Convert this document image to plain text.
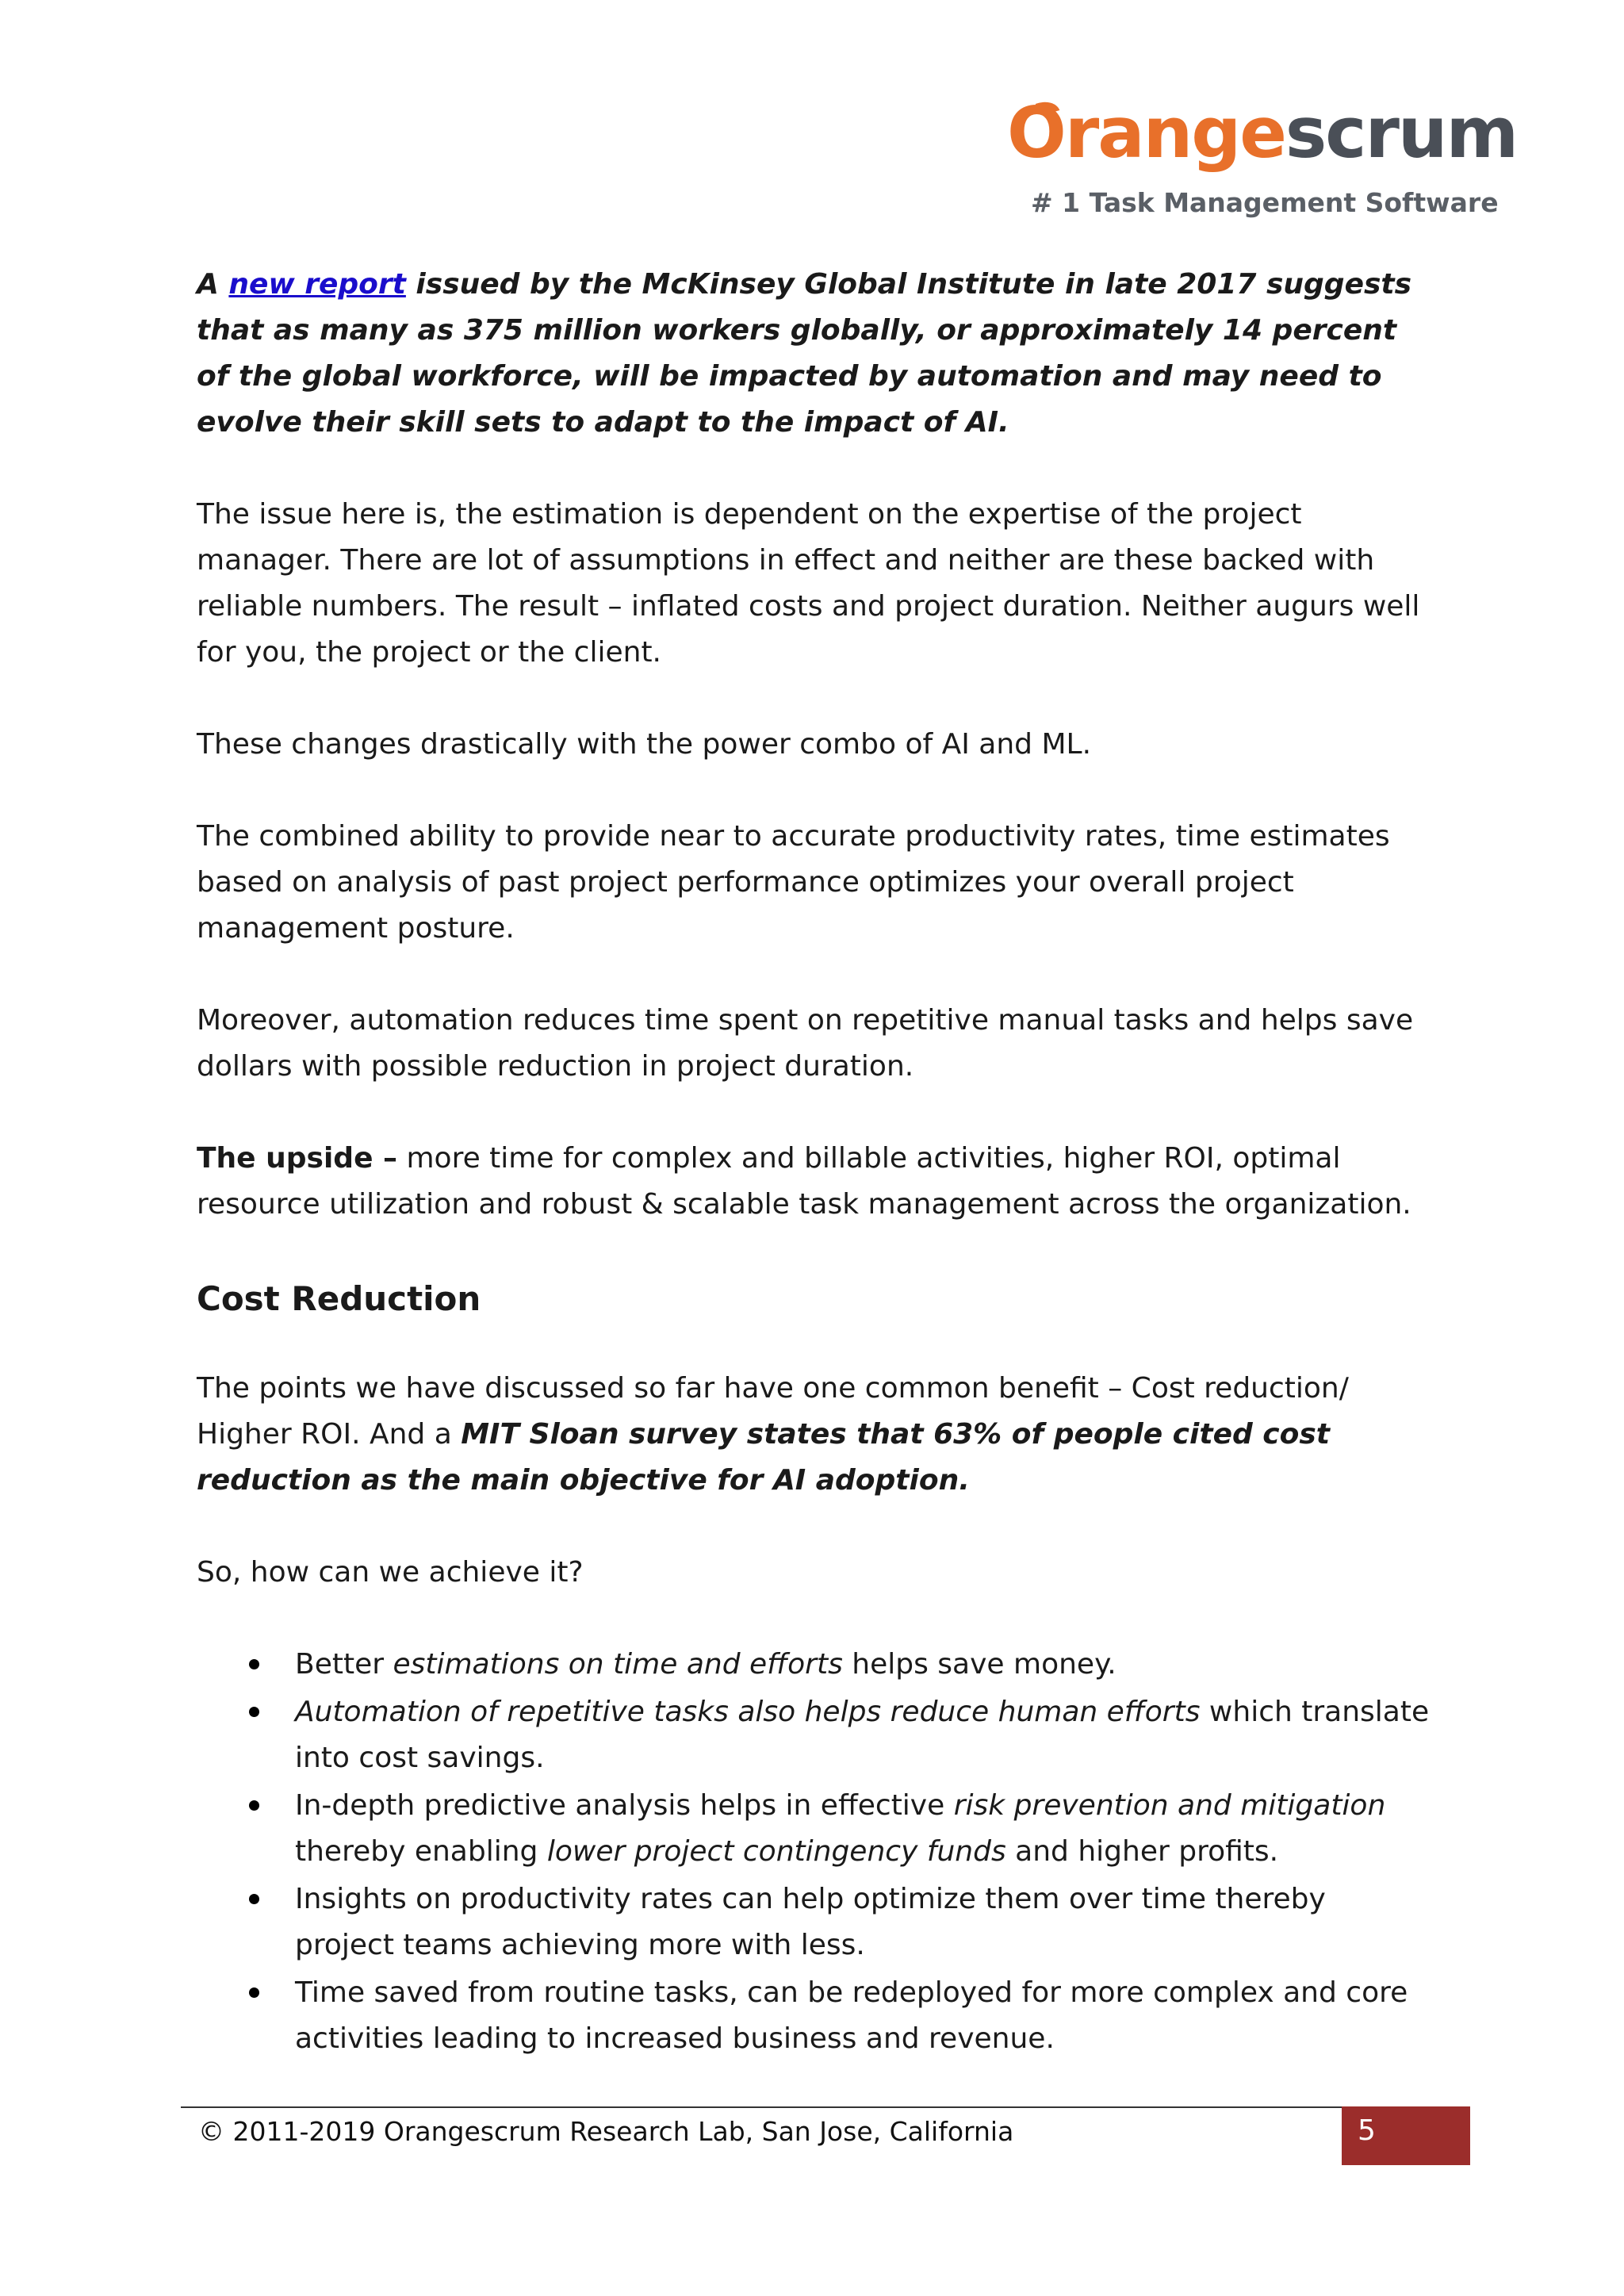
Orangescrum
# 1 Task Management Software

A new report issued by the McKinsey Global Institute in late 2017 suggests that as many as 375 million workers globally, or approximately 14 percent of the global workforce, will be impacted by automation and may need to evolve their skill sets to adapt to the impact of AI.

The issue here is, the estimation is dependent on the expertise of the project manager. There are lot of assumptions in effect and neither are these backed with reliable numbers. The result – inflated costs and project duration. Neither augurs well for you, the project or the client.

These changes drastically with the power combo of AI and ML.

The combined ability to provide near to accurate productivity rates, time estimates based on analysis of past project performance optimizes your overall project management posture.

Moreover, automation reduces time spent on repetitive manual tasks and helps save dollars with possible reduction in project duration.

The upside – more time for complex and billable activities, higher ROI, optimal resource utilization and robust & scalable task management across the organization.

Cost Reduction

The points we have discussed so far have one common benefit – Cost reduction/ Higher ROI. And a MIT Sloan survey states that 63% of people cited cost reduction as the main objective for AI adoption.

So, how can we achieve it?

Better estimations on time and efforts helps save money.
Automation of repetitive tasks also helps reduce human efforts which translate into cost savings.
In-depth predictive analysis helps in effective risk prevention and mitigation thereby enabling lower project contingency funds and higher profits.
Insights on productivity rates can help optimize them over time thereby project teams achieving more with less.
Time saved from routine tasks, can be redeployed for more complex and core activities leading to increased business and revenue.
© 2011-2019 Orangescrum Research Lab, San Jose, California	5
